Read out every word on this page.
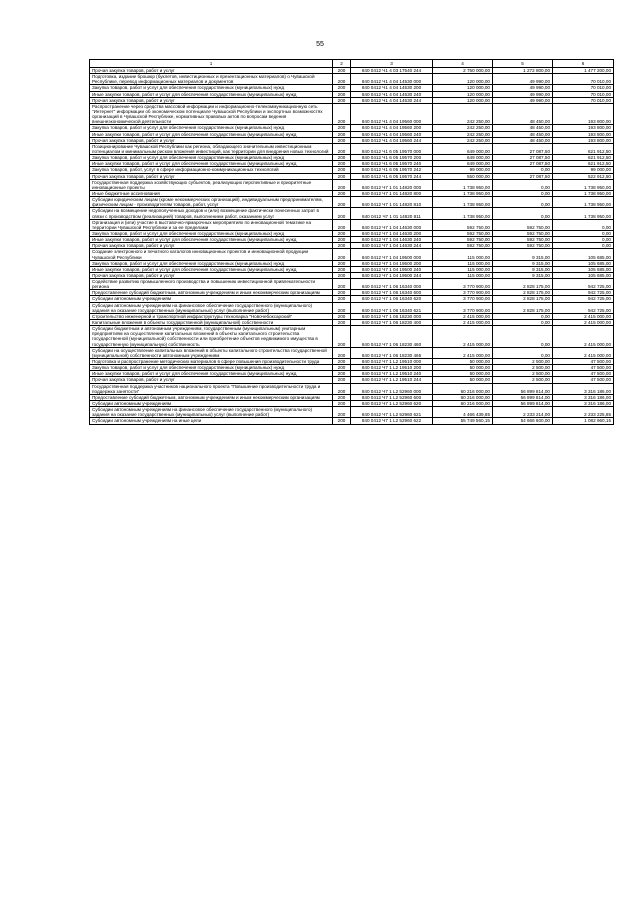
55
1	2	3	4	5	6
Прочая закупка товаров, работ и услуг	200	840 0412 Ч1 4 03 17540 244	2 750 000,00	1 272 800,00	1 477 200,00
Подготовка, издание брошюр (буклетов, инвестиционных и презентационных материалов) о Чувашской Республике, перевод информационных материалов и документов	200	840 0412 Ч1 4 04 14530 000	120 000,00	49 990,00	70 010,00
Закупка товаров, работ и услуг для обеспечения государственных (муниципальных) нужд	200	840 0412 Ч1 4 04 14530 200	120 000,00	49 990,00	70 010,00
Иные закупки товаров, работ и услуг для обеспечения государственных (муниципальных) нужд	200	840 0412 Ч1 4 04 14530 240	120 000,00	49 990,00	70 010,00
Прочая закупка товаров, работ и услуг	200	840 0412 Ч1 4 04 14530 244	120 000,00	49 990,00	70 010,00
Распространение через средства массовой информации и информационно-телекоммуникационную сеть "Интернет" информации об экономическом потенциале Чувашской Республики и экспортных возможностях организаций в Чувашской Республике, нормативных правовых актов по вопросам ведения внешнеэкономической деятельности	200	840 0412 Ч1 4 04 19560 000	242 250,00	48 450,00	193 800,00
Закупка товаров, работ и услуг для обеспечения государственных (муниципальных) нужд	200	840 0412 Ч1 4 04 19560 200	242 250,00	48 450,00	193 800,00
Иные закупки товаров, работ и услуг для обеспечения государственных (муниципальных) нужд	200	840 0412 Ч1 4 04 19560 240	242 250,00	48 450,00	193 800,00
Прочая закупка товаров, работ и услуг	200	840 0412 Ч1 4 04 19560 244	242 250,00	48 450,00	193 800,00
Позиционирование Чувашской Республики как региона, обладающего значительным инвестиционным потенциалом и минимальным риском вложения инвестиций, как территории для внедрения новых технологий	200	840 0412 Ч1 6 05 19570 000	649 000,00	27 087,50	621 912,50
Закупка товаров, работ и услуг для обеспечения государственных (муниципальных) нужд	200	840 0412 Ч1 6 05 19570 200	649 000,00	27 087,50	621 912,50
Иные закупки товаров, работ и услуг для обеспечения государственных (муниципальных) нужд	200	840 0412 Ч1 6 05 19570 240	649 000,00	27 087,50	621 912,50
Закупка товаров, работ, услуг в сфере информационно-коммуникационных технологий	200	840 0412 Ч1 6 05 19570 242	99 000,00	0,00	99 000,00
Прочая закупка товаров, работ и услуг	200	840 0412 Ч1 6 05 19570 244	550 000,00	27 087,50	522 912,50
Государственная поддержка хозяйствующих субъектов, реализующих перспективные и приоритетные инновационные проекты	200	840 0412 Ч7 1 01 14820 000	1 738 950,00	0,00	1 738 950,00
Иные бюджетные ассигнования	200	840 0412 Ч7 1 01 14820 800	1 738 950,00	0,00	1 738 950,00
Субсидии юридическим лицам (кроме некоммерческих организаций), индивидуальным предпринимателям, физическим лицам - производителям товаров, работ, услуг	200	840 0412 Ч7 1 01 14820 810	1 738 950,00	0,00	1 738 950,00
Субсидии на возмещение недополученных доходов и (или) возмещение фактически понесенных затрат в связи с производством (реализацией) товаров, выполнением работ, оказанием услуг	200	840 0412 Ч7 1 01 14820 811	1 738 950,00	0,00	1 738 950,00
Организация и (или) участие в выставочно-ярмарочных мероприятиях по инновационной тематике на территории Чувашской Республики и за ее пределами	200	840 0412 Ч7 1 04 14630 000	592 750,00	592 750,00	0,00
Закупка товаров, работ и услуг для обеспечения государственных (муниципальных) нужд	200	840 0412 Ч7 1 04 14630 200	592 750,00	592 750,00	0,00
Иные закупки товаров, работ и услуг для обеспечения государственных (муниципальных) нужд	200	840 0412 Ч7 1 04 14630 240	592 750,00	592 750,00	0,00
Прочая закупка товаров, работ и услуг	200	840 0412 Ч7 1 04 14630 244	592 750,00	592 750,00	0,00
Создание электронного и печатного каталогов инновационных проектов и инновационной продукции Чувашской Республики	200	840 0412 Ч7 1 04 19500 000	115 000,00	9 315,00	105 685,00
Закупка товаров, работ и услуг для обеспечения государственных (муниципальных) нужд	200	840 0412 Ч7 1 04 19500 200	115 000,00	9 315,00	105 685,00
Иные закупки товаров, работ и услуг для обеспечения государственных (муниципальных) нужд	200	840 0412 Ч7 1 04 19500 240	115 000,00	9 315,00	105 685,00
Прочая закупка товаров, работ и услуг	200	840 0412 Ч7 1 04 19500 244	115 000,00	9 315,00	105 685,00
Содействие развитию промышленного производства и повышению инвестиционной привлекательности региона	200	840 0412 Ч7 1 06 16340 000	3 770 900,00	2 828 175,00	942 725,00
Предоставление субсидий бюджетным, автономным учреждениям и иным некоммерческим организациям	200	840 0412 Ч7 1 06 16340 600	3 770 900,00	2 828 175,00	942 725,00
Субсидии автономным учреждениям	200	840 0412 Ч7 1 06 16340 620	3 770 900,00	2 828 175,00	942 725,00
Субсидии автономным учреждениям на финансовое обеспечение государственного (муниципального) задания на оказание государственных (муниципальных) услуг (выполнение работ)	200	840 0412 Ч7 1 06 16340 621	3 770 900,00	2 828 175,00	942 725,00
Строительство инженерной и транспортной инфраструктуры технопарка "Новочебоксарский"	200	840 0412 Ч7 1 06 18230 000	2 415 000,00	0,00	2 415 000,00
Капитальные вложения в объекты государственной (муниципальной) собственности	200	840 0412 Ч7 1 06 18230 400	2 415 000,00	0,00	2 415 000,00
Субсидии бюджетным и автономным учреждениям, государственным (муниципальным) унитарным предприятиям на осуществление капитальных вложений в объекты капитального строительства государственной (муниципальной) собственности или приобретение объектов недвижимого имущества в государственную (муниципальную) собственность	200	840 0412 Ч7 1 06 18230 460	2 415 000,00	0,00	2 415 000,00
Субсидии на осуществление капитальных вложений в объекты капитального строительства государственной (муниципальной) собственности автономным учреждениям	200	840 0412 Ч7 1 06 18230 465	2 415 000,00	0,00	2 415 000,00
Подготовка и распространение методических материалов в сфере повышения производительности труда	200	840 0412 Ч7 1 L2 19510 000	50 000,00	2 500,00	47 500,00
Закупка товаров, работ и услуг для обеспечения государственных (муниципальных) нужд	200	840 0412 Ч7 1 L2 19510 200	50 000,00	2 500,00	47 500,00
Иные закупки товаров, работ и услуг для обеспечения государственных (муниципальных) нужд	200	840 0412 Ч7 1 L2 19510 240	50 000,00	2 500,00	47 500,00
Прочая закупка товаров, работ и услуг	200	840 0412 Ч7 1 L2 19510 244	50 000,00	2 500,00	47 500,00
Государственная поддержка участников национального проекта "Повышение производительности труда и поддержка занятости"	200	840 0412 Ч7 1 L2 52960 000	60 216 000,00	56 899 814,00	3 316 186,00
Предоставление субсидий бюджетным, автономным учреждениям и иным некоммерческим организациям	200	840 0412 Ч7 1 L2 52960 600	60 216 000,00	56 899 814,00	3 316 186,00
Субсидии автономным учреждениям	200	840 0412 Ч7 1 L2 52960 620	60 216 000,00	56 899 814,00	3 316 186,00
Субсидии автономным учреждениям на финансовое обеспечение государственного (муниципального) задания на оказание государственных (муниципальных) услуг (выполнение работ)	200	840 0412 Ч7 1 L2 52960 621	4 466 439,85	2 233 214,00	2 233 225,85
Субсидии автономным учреждениям на иные цели	200	840 0412 Ч7 1 L2 52960 622	55 749 560,15	54 666 600,00	1 082 960,15
